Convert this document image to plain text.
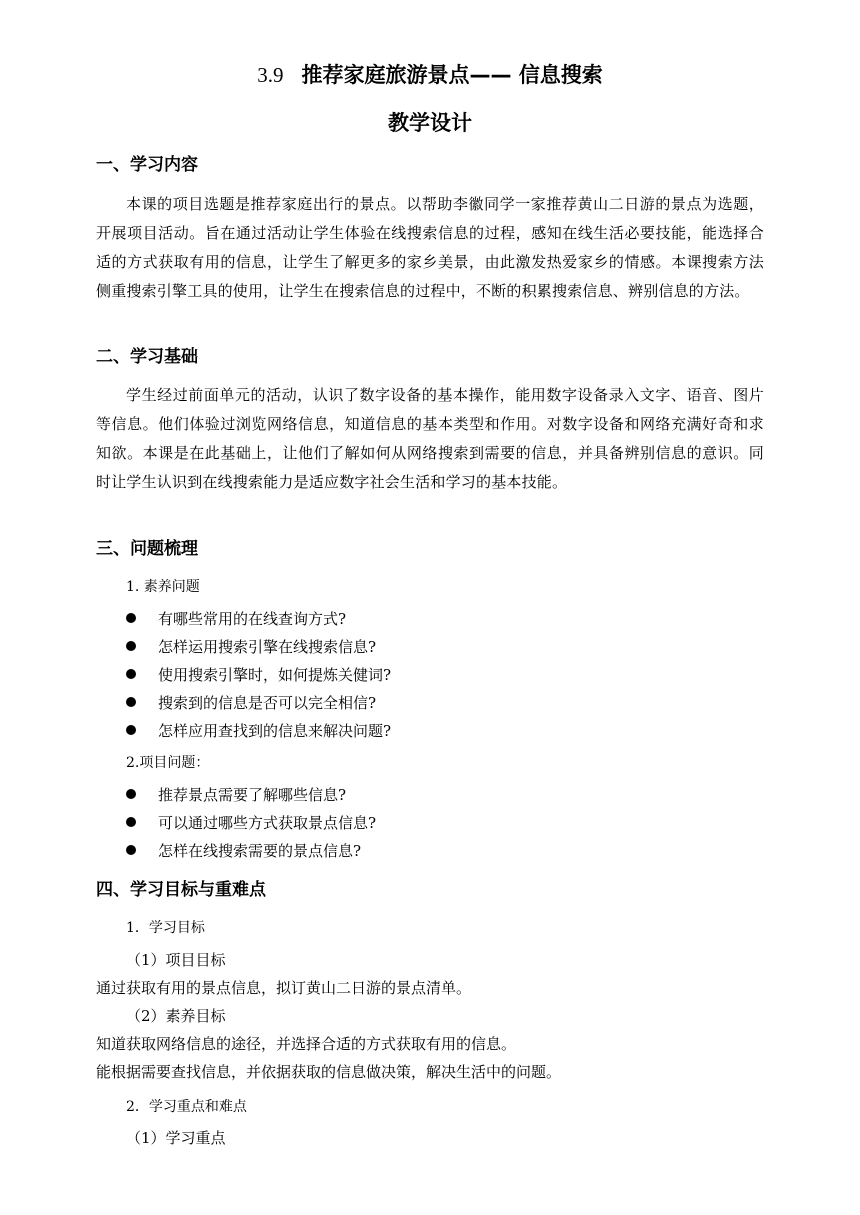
3.9 推荐家庭旅游景点—— 信息搜索
教学设计
一、学习内容

本课的项目选题是推荐家庭出行的景点。以帮助李徽同学一家推荐黄山二日游的景点为选题，开展项目活动。旨在通过活动让学生体验在线搜索信息的过程，感知在线生活必要技能，能选择合适的方式获取有用的信息，让学生了解更多的家乡美景，由此激发热爱家乡的情感。本课搜索方法侧重搜索引擎工具的使用，让学生在搜索信息的过程中，不断的积累搜索信息、辨别信息的方法。

二、学习基础

学生经过前面单元的活动，认识了数字设备的基本操作，能用数字设备录入文字、语音、图片等信息。他们体验过浏览网络信息，知道信息的基本类型和作用。对数字设备和网络充满好奇和求知欲。本课是在此基础上，让他们了解如何从网络搜索到需要的信息，并具备辨别信息的意识。同时让学生认识到在线搜索能力是适应数字社会生活和学习的基本技能。

三、问题梳理
1. 素养问题
有哪些常用的在线查询方式?
怎样运用搜索引擎在线搜索信息?
使用搜索引擎时，如何提炼关健词?
搜索到的信息是否可以完全相信?
怎样应用查找到的信息来解决问题?
2.项目问题：
推荐景点需要了解哪些信息?
可以通过哪些方式获取景点信息?
怎样在线搜索需要的景点信息?
四、学习目标与重难点
1．学习目标
（1）项目目标
通过获取有用的景点信息，拟订黄山二日游的景点清单。
（2）素养目标
知道获取网络信息的途径，并选择合适的方式获取有用的信息。
能根据需要查找信息，并依据获取的信息做决策，解决生活中的问题。
2．学习重点和难点
（1）学习重点
